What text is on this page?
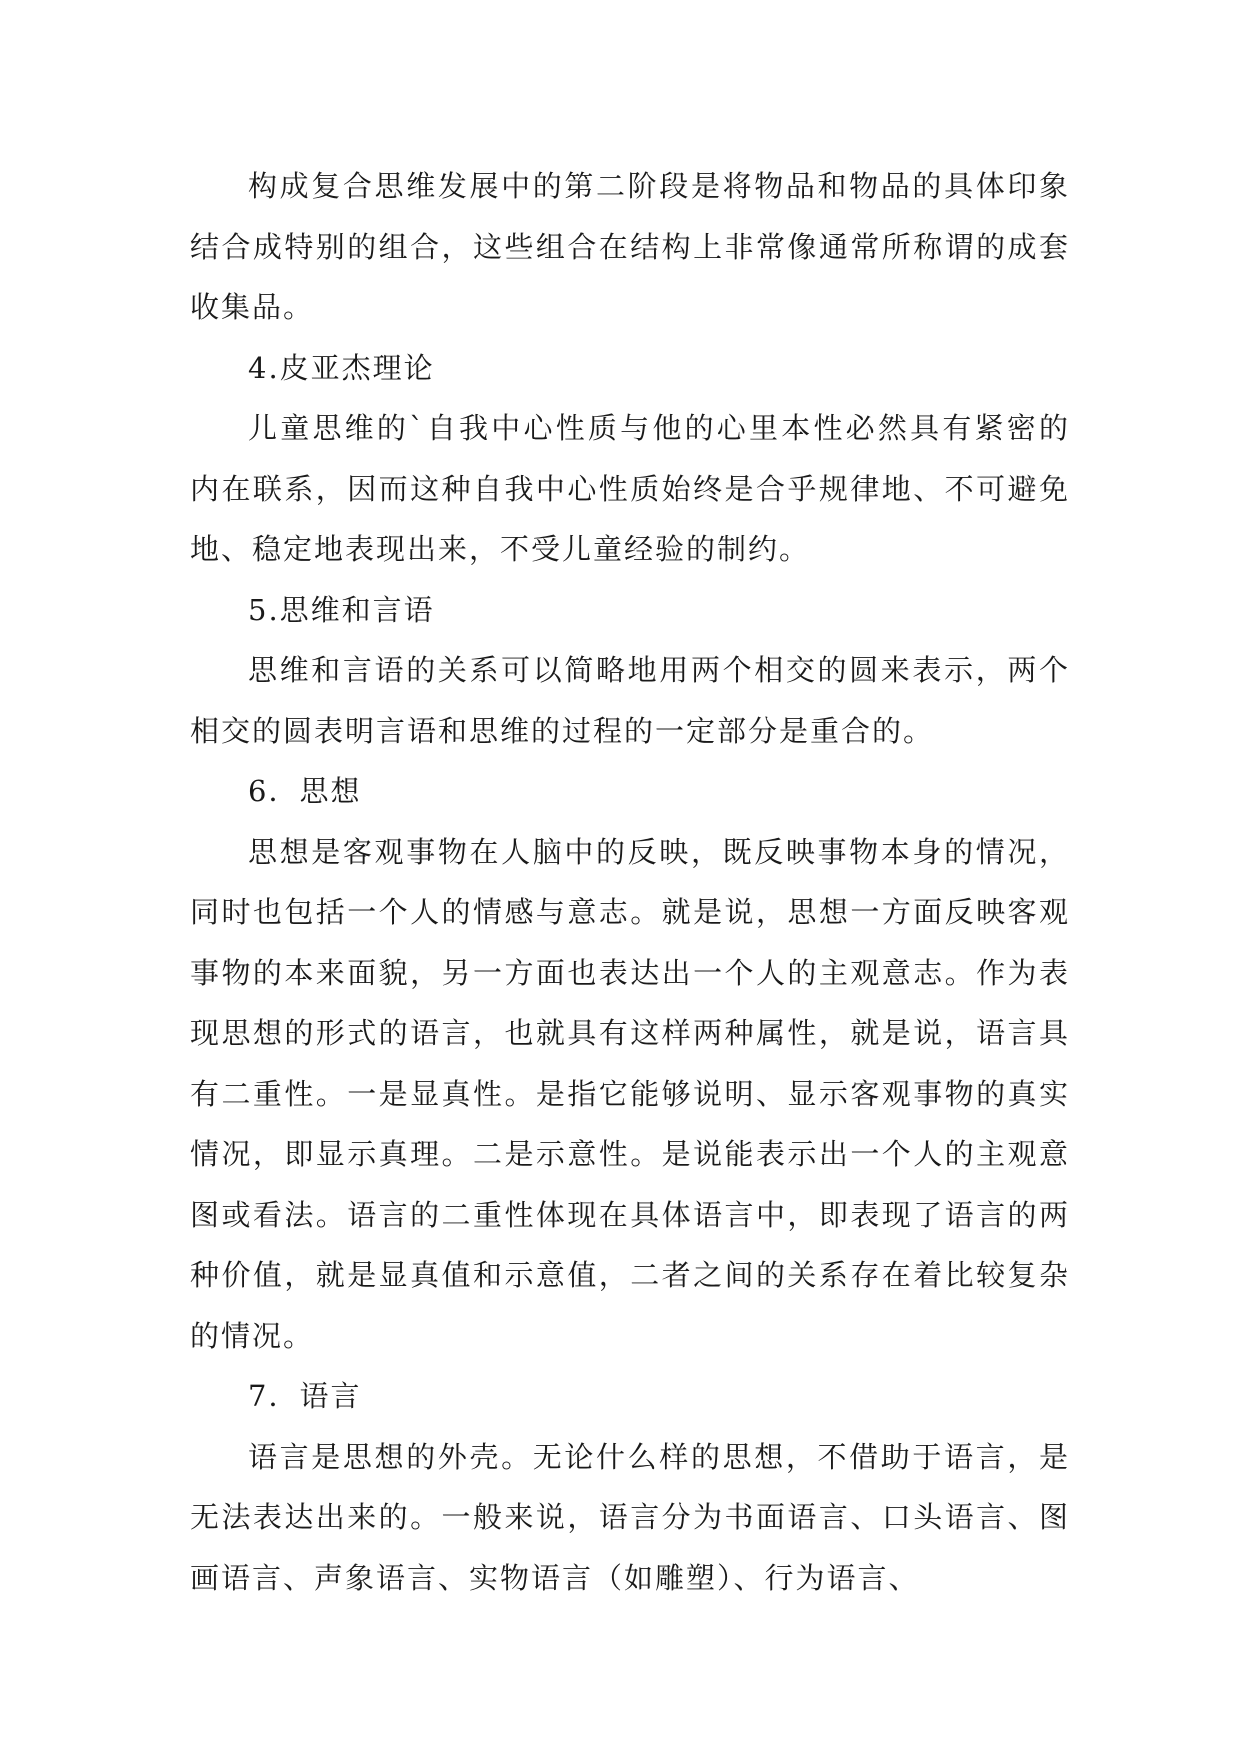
构成复合思维发展中的第二阶段是将物品和物品的具体印象结合成特别的组合，这些组合在结构上非常像通常所称谓的成套收集品。

4.皮亚杰理论

儿童思维的`自我中心性质与他的心里本性必然具有紧密的内在联系，因而这种自我中心性质始终是合乎规律地、不可避免地、稳定地表现出来，不受儿童经验的制约。

5.思维和言语

思维和言语的关系可以简略地用两个相交的圆来表示，两个相交的圆表明言语和思维的过程的一定部分是重合的。

6．思想

思想是客观事物在人脑中的反映，既反映事物本身的情况，同时也包括一个人的情感与意志。就是说，思想一方面反映客观事物的本来面貌，另一方面也表达出一个人的主观意志。作为表现思想的形式的语言，也就具有这样两种属性，就是说，语言具有二重性。一是显真性。是指它能够说明、显示客观事物的真实情况，即显示真理。二是示意性。是说能表示出一个人的主观意图或看法。语言的二重性体现在具体语言中，即表现了语言的两种价值，就是显真值和示意值，二者之间的关系存在着比较复杂的情况。

7．语言

语言是思想的外壳。无论什么样的思想，不借助于语言，是无法表达出来的。一般来说，语言分为书面语言、口头语言、图画语言、声象语言、实物语言（如雕塑）、行为语言、
